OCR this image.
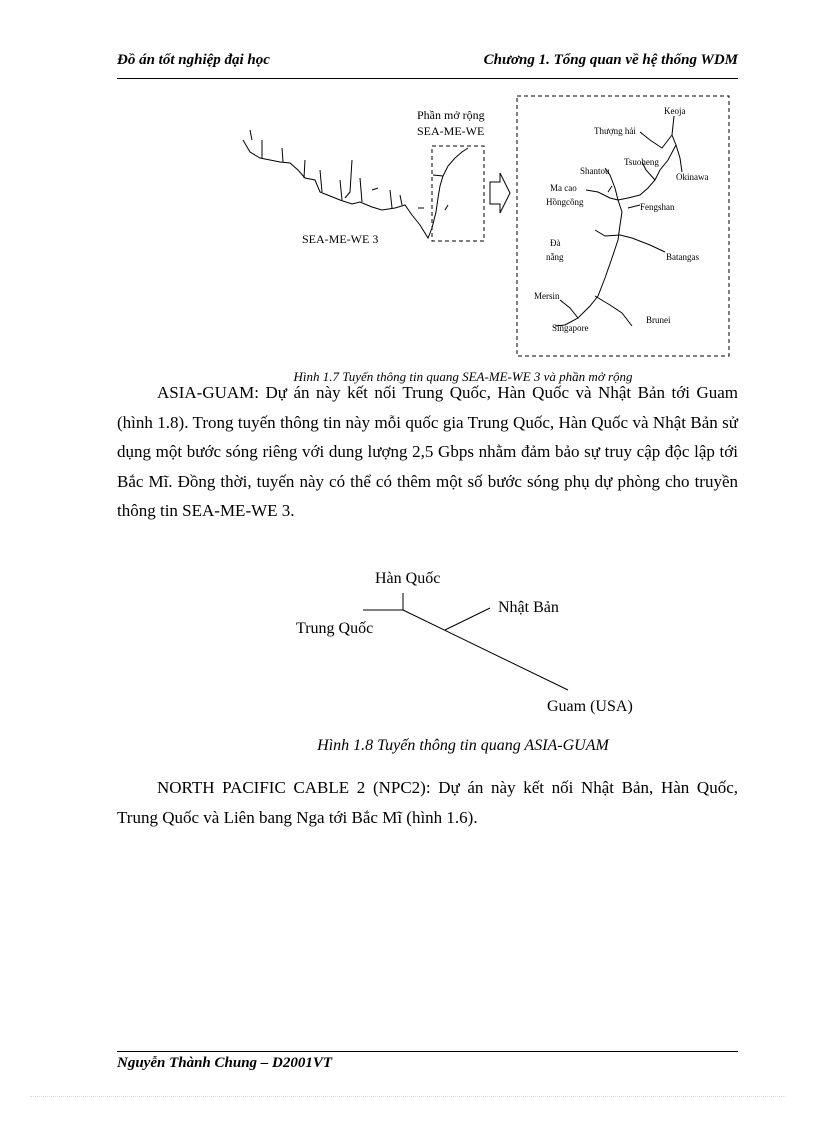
Đồ án tốt nghiệp đại học	Chương 1. Tổng quan về hệ thống WDM
Phần mở rộng
SEA-ME-WE
SEA-ME-WE 3
Keoja
Thượng hải
Tsuoheng
Okinawa
Shantou
Ma cao
Hồngcông	Fengshan
Đà
nẵng	Batangas
Mersin
Brunei
Singapore
Hình 1.7 Tuyến thông tin quang SEA-ME-WE 3 và phần mở rộng

ASIA-GUAM: Dự án này kết nối Trung Quốc, Hàn Quốc và Nhật Bản tới Guam (hình 1.8). Trong tuyến thông tin này mỗi quốc gia Trung Quốc, Hàn Quốc và Nhật Bản sử dụng một bước sóng riêng với dung lượng 2,5 Gbps nhằm đảm bảo sự truy cập độc lập tới Bắc Mĩ. Đồng thời, tuyến này có thể có thêm một số bước sóng phụ dự phòng cho truyền thông tin SEA-ME-WE 3.

Hàn Quốc
Nhật Bản
Trung Quốc
Guam (USA)
Hình 1.8 Tuyến thông tin quang ASIA-GUAM

NORTH PACIFIC CABLE 2 (NPC2): Dự án này kết nối Nhật Bản, Hàn Quốc, Trung Quốc và Liên bang Nga tới Bắc Mĩ (hình 1.6).

Nguyễn Thành Chung – D2001VT
